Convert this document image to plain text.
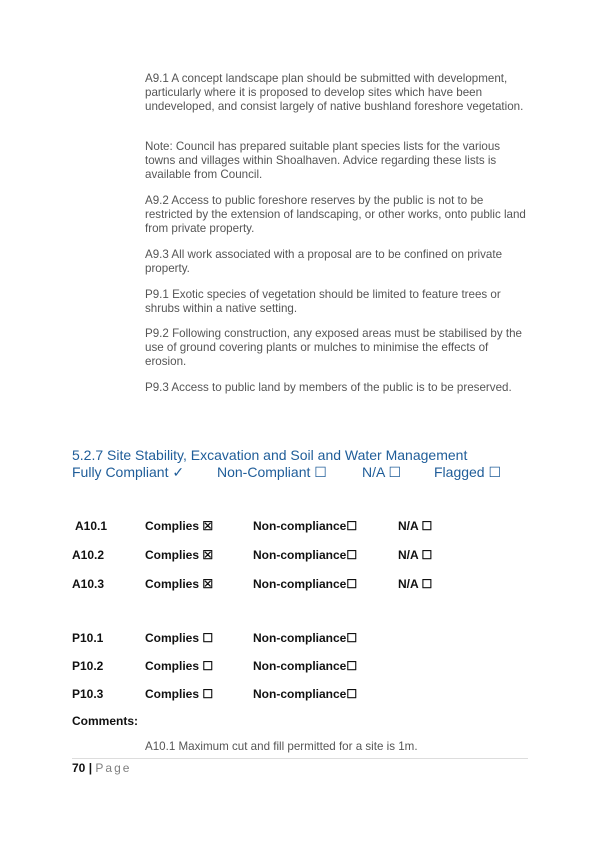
A9.1 A concept landscape plan should be submitted with development, particularly where it is proposed to develop sites which have been undeveloped, and consist largely of native bushland foreshore vegetation.

Note: Council has prepared suitable plant species lists for the various towns and villages within Shoalhaven. Advice regarding these lists is available from Council.

A9.2 Access to public foreshore reserves by the public is not to be restricted by the extension of landscaping, or other works, onto public land from private property.

A9.3 All work associated with a proposal are to be confined on private property.

P9.1 Exotic species of vegetation should be limited to feature trees or shrubs within a native setting.

P9.2 Following construction, any exposed areas must be stabilised by the use of ground covering plants or mulches to minimise the effects of erosion.

P9.3 Access to public land by members of the public is to be preserved.

5.2.7 Site Stability, Excavation and Soil and Water Management

Fully Compliant ✓ Non-Compliant ☐	N/A ☐ Flagged ☐
A10.1	Complies ☒	Non-compliance☐	N/A ☐
A10.2	Complies ☒	Non-compliance☐	N/A ☐
A10.3	Complies ☒	Non-compliance☐	N/A ☐
P10.1	Complies ☐	Non-compliance☐
P10.2	Complies ☐	Non-compliance☐
P10.3	Complies ☐	Non-compliance☐
Comments:
A10.1 Maximum cut and fill permitted for a site is 1m.
70 | Page
